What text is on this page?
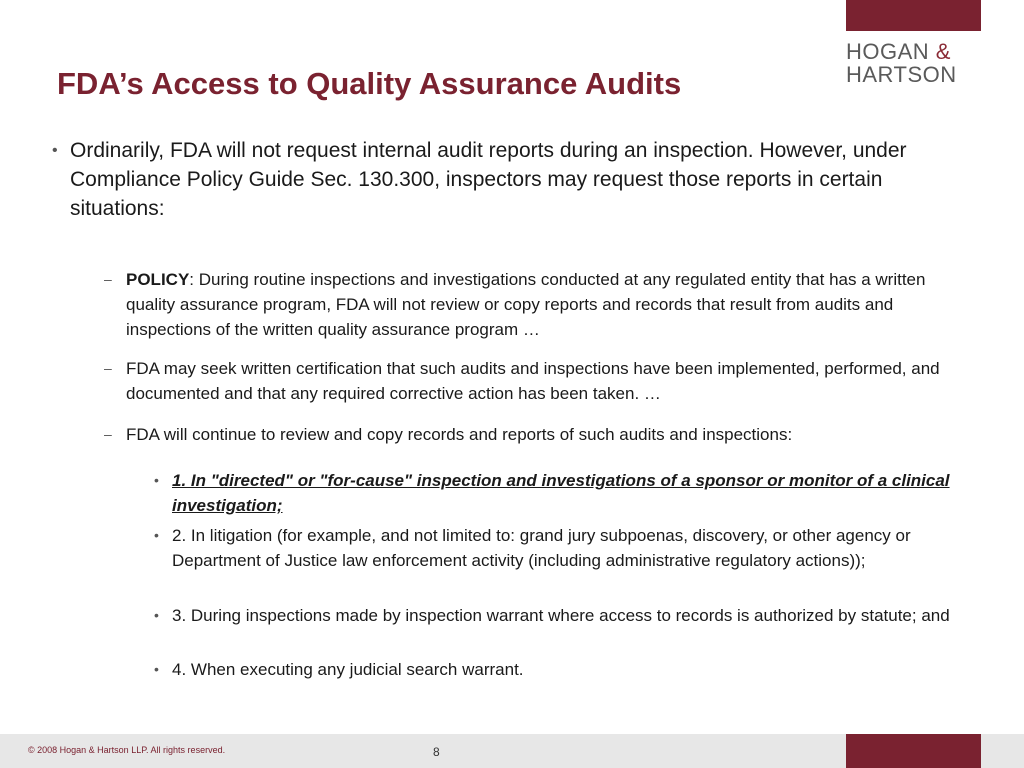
HOGAN &
HARTSON
FDA’s Access to Quality Assurance Audits
• Ordinarily, FDA will not request internal audit reports during an inspection. However, under Compliance Policy Guide Sec. 130.300, inspectors may request those reports in certain situations:
– POLICY: During routine inspections and investigations conducted at any regulated entity that has a written quality assurance program, FDA will not review or copy reports and records that result from audits and inspections of the written quality assurance program …
– FDA may seek written certification that such audits and inspections have been implemented, performed, and documented and that any required corrective action has been taken. …
– FDA will continue to review and copy records and reports of such audits and inspections:
• 1. In "directed" or "for-cause" inspection and investigations of a sponsor or monitor of a clinical investigation;
• 2. In litigation (for example, and not limited to: grand jury subpoenas, discovery, or other agency or Department of Justice law enforcement activity (including administrative regulatory actions));
• 3. During inspections made by inspection warrant where access to records is authorized by statute; and
• 4. When executing any judicial search warrant.
© 2008 Hogan & Hartson LLP. All rights reserved.	8
